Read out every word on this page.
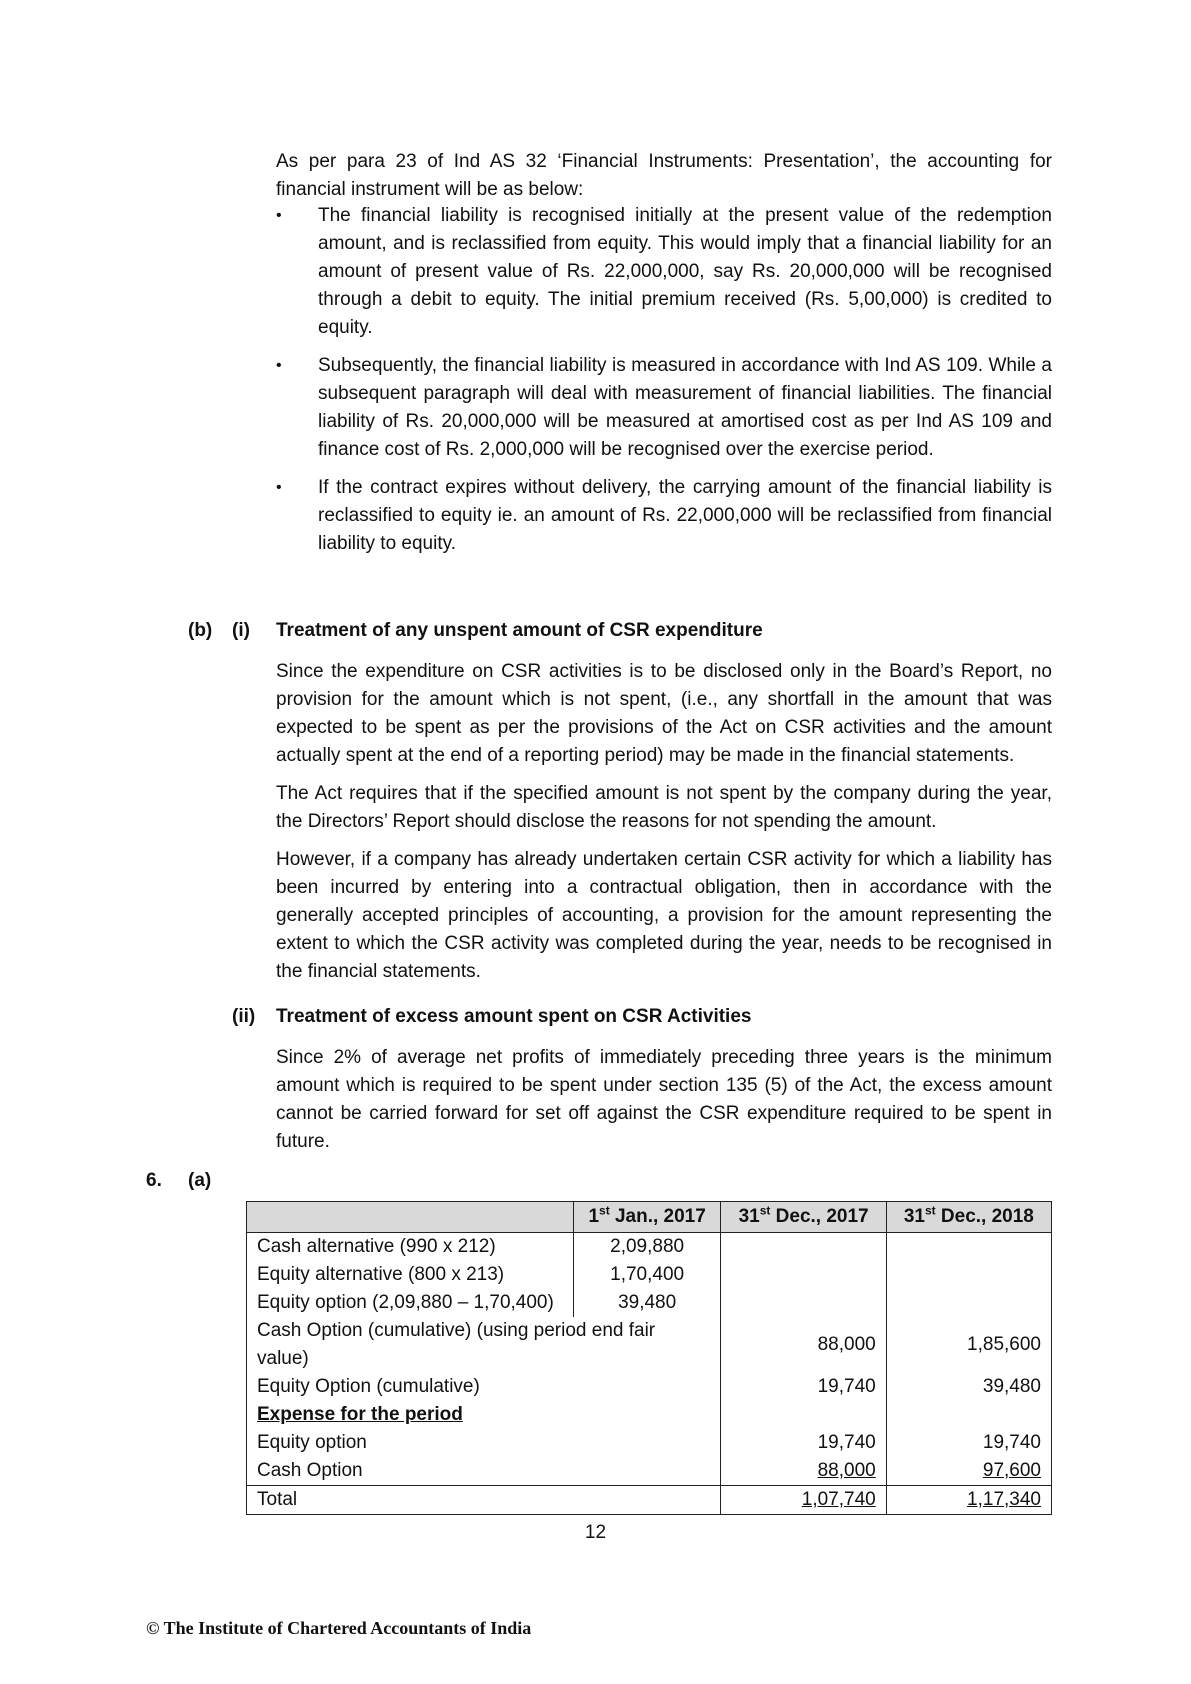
As per para 23 of Ind AS 32 ‘Financial Instruments: Presentation’, the accounting for financial instrument will be as below:

• The financial liability is recognised initially at the present value of the redemption amount, and is reclassified from equity. This would imply that a financial liability for an amount of present value of Rs. 22,000,000, say Rs. 20,000,000 will be recognised through a debit to equity. The initial premium received (Rs. 5,00,000) is credited to equity.

• Subsequently, the financial liability is measured in accordance with Ind AS 109. While a subsequent paragraph will deal with measurement of financial liabilities. The financial liability of Rs. 20,000,000 will be measured at amortised cost as per Ind AS 109 and finance cost of Rs. 2,000,000 will be recognised over the exercise period.

• If the contract expires without delivery, the carrying amount of the financial liability is reclassified to equity ie. an amount of Rs. 22,000,000 will be reclassified from financial liability to equity.

(b) (i) Treatment of any unspent amount of CSR expenditure

Since the expenditure on CSR activities is to be disclosed only in the Board’s Report, no provision for the amount which is not spent, (i.e., any shortfall in the amount that was expected to be spent as per the provisions of the Act on CSR activities and the amount actually spent at the end of a reporting period) may be made in the financial statements.

The Act requires that if the specified amount is not spent by the company during the year, the Directors’ Report should disclose the reasons for not spending the amount.

However, if a company has already undertaken certain CSR activity for which a liability has been incurred by entering into a contractual obligation, then in accordance with the generally accepted principles of accounting, a provision for the amount representing the extent to which the CSR activity was completed during the year, needs to be recognised in the financial statements.

(ii) Treatment of excess amount spent on CSR Activities

Since 2% of average net profits of immediately preceding three years is the minimum amount which is required to be spent under section 135 (5) of the Act, the excess amount cannot be carried forward for set off against the CSR expenditure required to be spent in future.

6. (a)
	1st Jan., 2017	31st Dec., 2017	31st Dec., 2018
Cash alternative (990 x 212)	2,09,880		
Equity alternative (800 x 213)	1,70,400		
Equity option (2,09,880 – 1,70,400)	39,480		
Cash Option (cumulative) (using period end fair value)		88,000	1,85,600
Equity Option (cumulative)		19,740	39,480
Expense for the period			
Equity option		19,740	19,740
Cash Option		88,000	97,600
Total		1,07,740	1,17,340
12
© The Institute of Chartered Accountants of India
